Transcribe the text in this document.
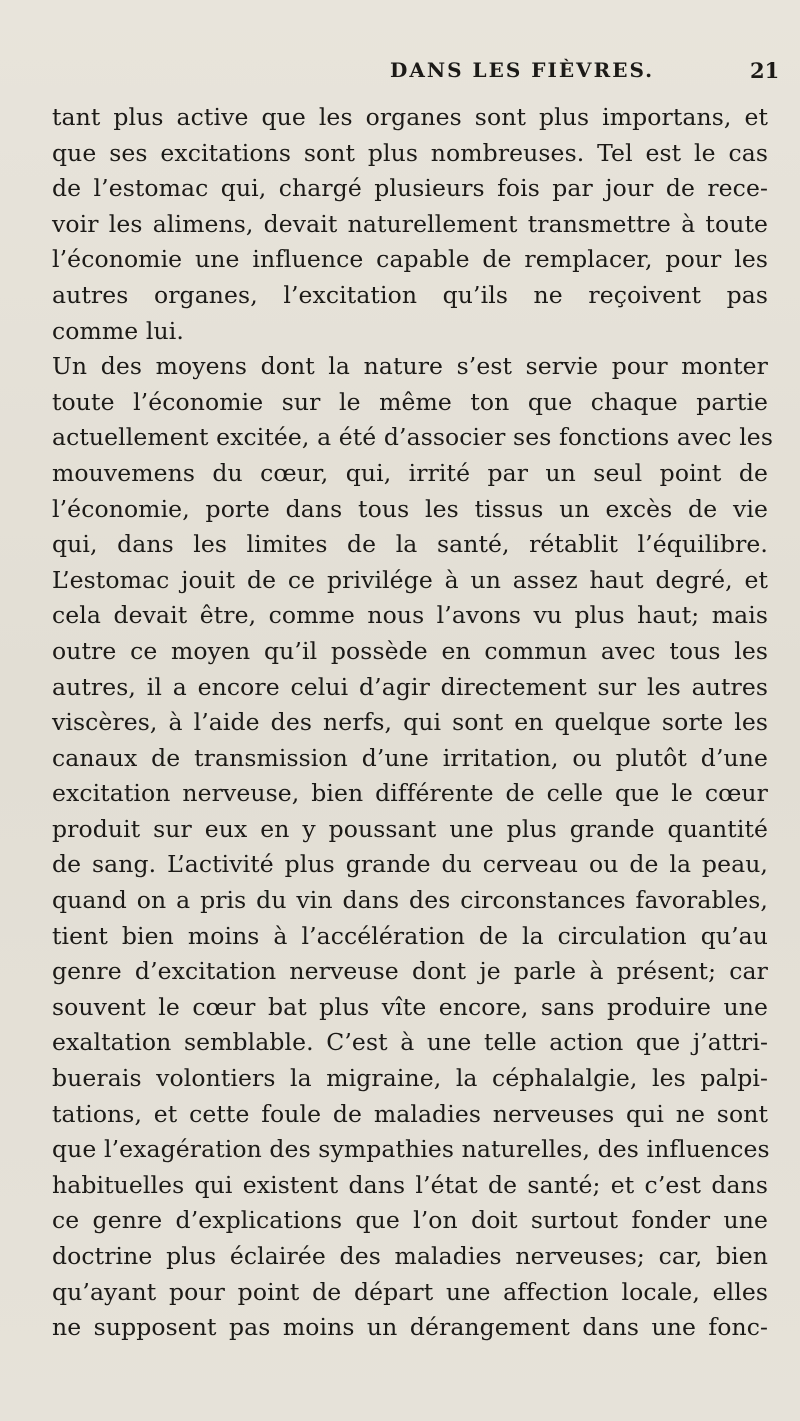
DANS LES FIÈVRES.	21
tant plus active que les organes sont plus importans, et
que ses excitations sont plus nombreuses. Tel est le cas
de l’estomac qui, chargé plusieurs fois par jour de rece-
voir les alimens, devait naturellement transmettre à toute
l’économie une influence capable de remplacer, pour les
autres organes, l’excitation qu’ils ne reçoivent pas
comme lui.
Un des moyens dont la nature s’est servie pour monter
toute l’économie sur le même ton que chaque partie
actuellement excitée, a été d’associer ses fonctions avec les
mouvemens du cœur, qui, irrité par un seul point de
l’économie, porte dans tous les tissus un excès de vie
qui, dans les limites de la santé, rétablit l’équilibre.
L’estomac jouit de ce privilége à un assez haut degré, et
cela devait être, comme nous l’avons vu plus haut; mais
outre ce moyen qu’il possède en commun avec tous les
autres, il a encore celui d’agir directement sur les autres
viscères, à l’aide des nerfs, qui sont en quelque sorte les
canaux de transmission d’une irritation, ou plutôt d’une
excitation nerveuse, bien différente de celle que le cœur
produit sur eux en y poussant une plus grande quantité
de sang. L’activité plus grande du cerveau ou de la peau,
quand on a pris du vin dans des circonstances favorables,
tient bien moins à l’accélération de la circulation qu’au
genre d’excitation nerveuse dont je parle à présent; car
souvent le cœur bat plus vîte encore, sans produire une
exaltation semblable. C’est à une telle action que j’attri-
buerais volontiers la migraine, la céphalalgie, les palpi-
tations, et cette foule de maladies nerveuses qui ne sont
que l’exagération des sympathies naturelles, des influences
habituelles qui existent dans l’état de santé; et c’est dans
ce genre d’explications que l’on doit surtout fonder une
doctrine plus éclairée des maladies nerveuses; car, bien
qu’ayant pour point de départ une affection locale, elles
ne supposent pas moins un dérangement dans une fonc-
